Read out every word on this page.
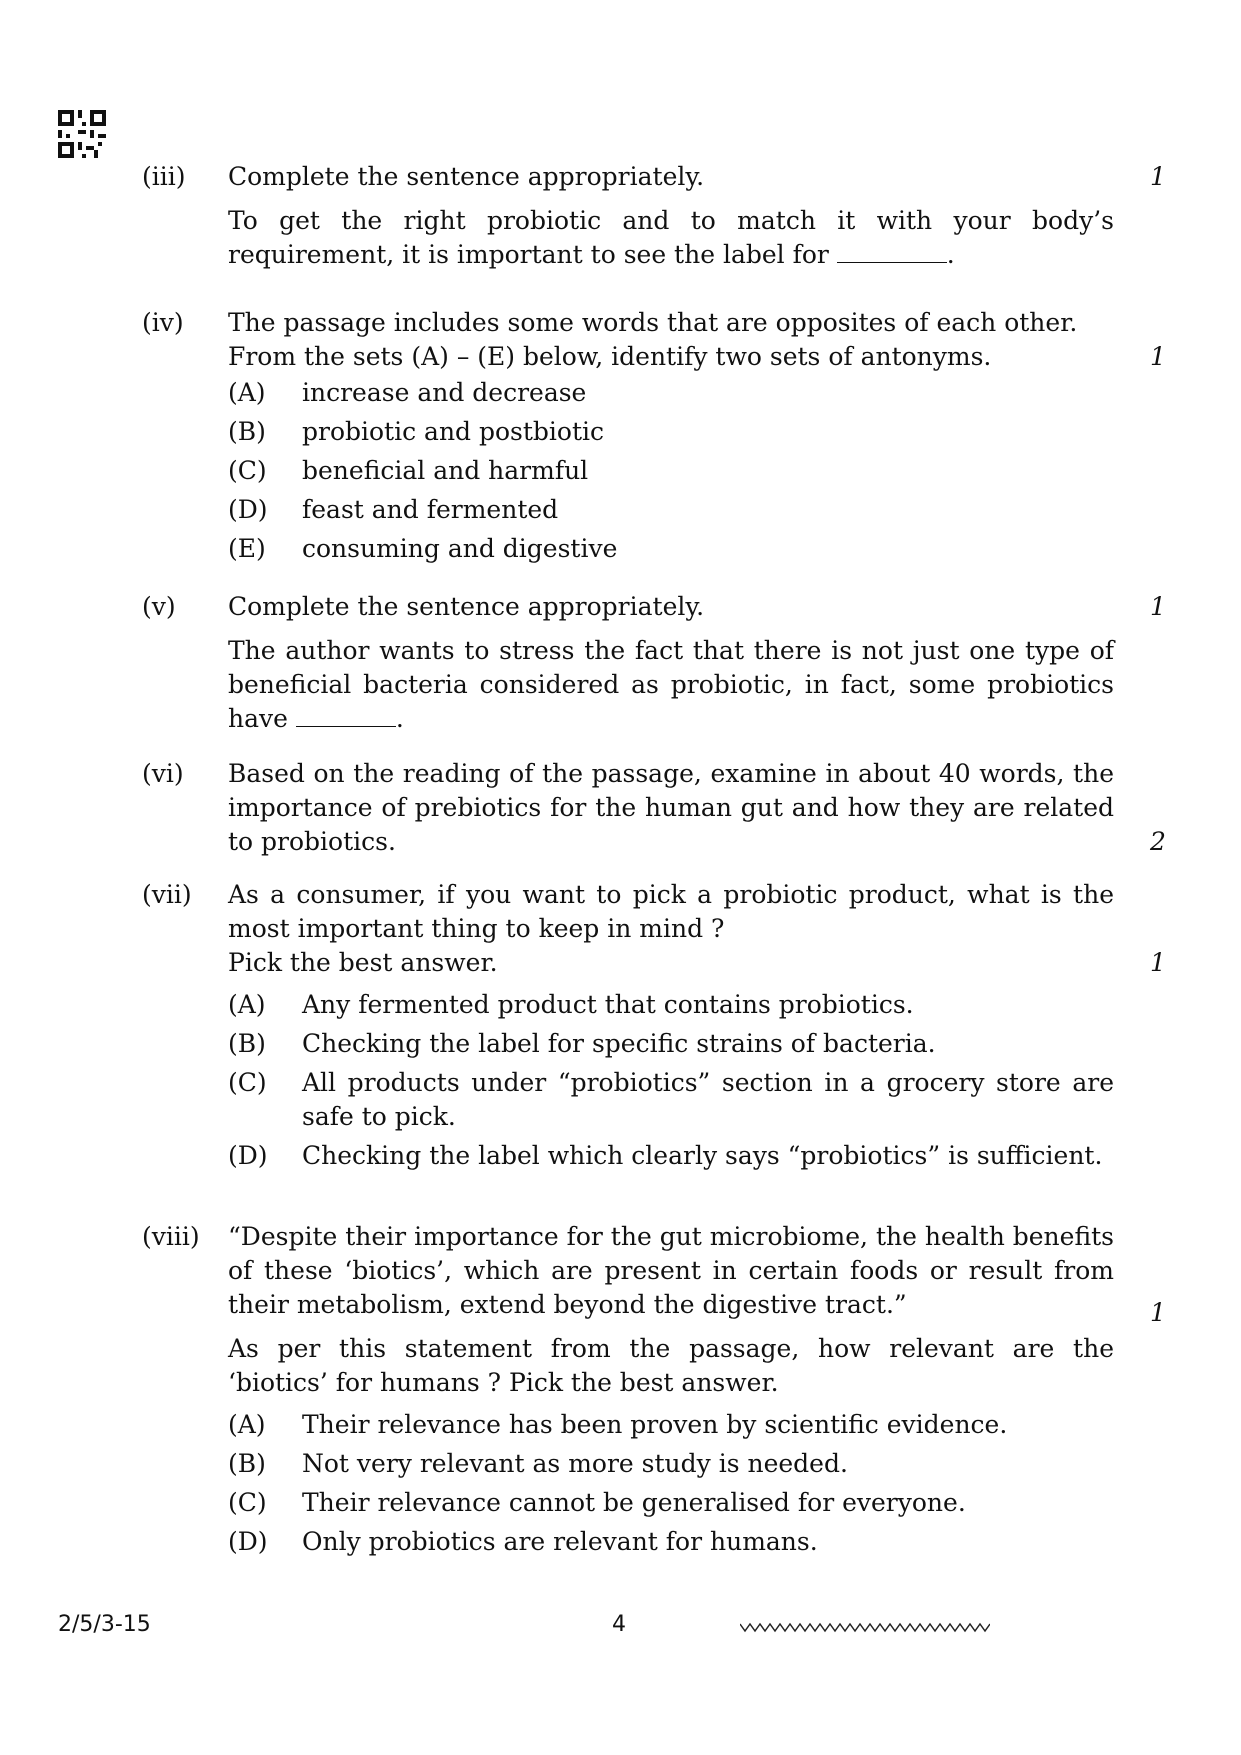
(iii) Complete the sentence appropriately.

To get the right probiotic and to match it with your body’s requirement, it is important to see the label for	.

1
(iv) The passage includes some words that are opposites of each other.

From the sets (A) – (E) below, identify two sets of antonyms.

(A) increase and decrease
(B) probiotic and postbiotic
(C) beneficial and harmful
(D) feast and fermented
(E) consuming and digestive
1
(v) Complete the sentence appropriately.

The author wants to stress the fact that there is not just one type of beneficial bacteria considered as probiotic, in fact, some probiotics have	.

1
(vi) Based on the reading of the passage, examine in about 40 words, the importance of prebiotics for the human gut and how they are related to probiotics.	2
(vii) As a consumer, if you want to pick a probiotic product, what is the most important thing to keep in mind ?

Pick the best answer.

(A) Any fermented product that contains probiotics.
(B) Checking the label for specific strains of bacteria.
(C) All products under “probiotics” section in a grocery store are safe to pick.
(D) Checking the label which clearly says “probiotics” is sufficient.
1
(viii) “Despite their importance for the gut microbiome, the health benefits of these ‘biotics’, which are present in certain foods or result from their metabolism, extend beyond the digestive tract.”

As per this statement from the passage, how relevant are the ‘biotics’ for humans ? Pick the best answer.

(A) Their relevance has been proven by scientific evidence.
(B) Not very relevant as more study is needed.
(C) Their relevance cannot be generalised for everyone.
(D) Only probiotics are relevant for humans.
1
2/5/3-15	4
